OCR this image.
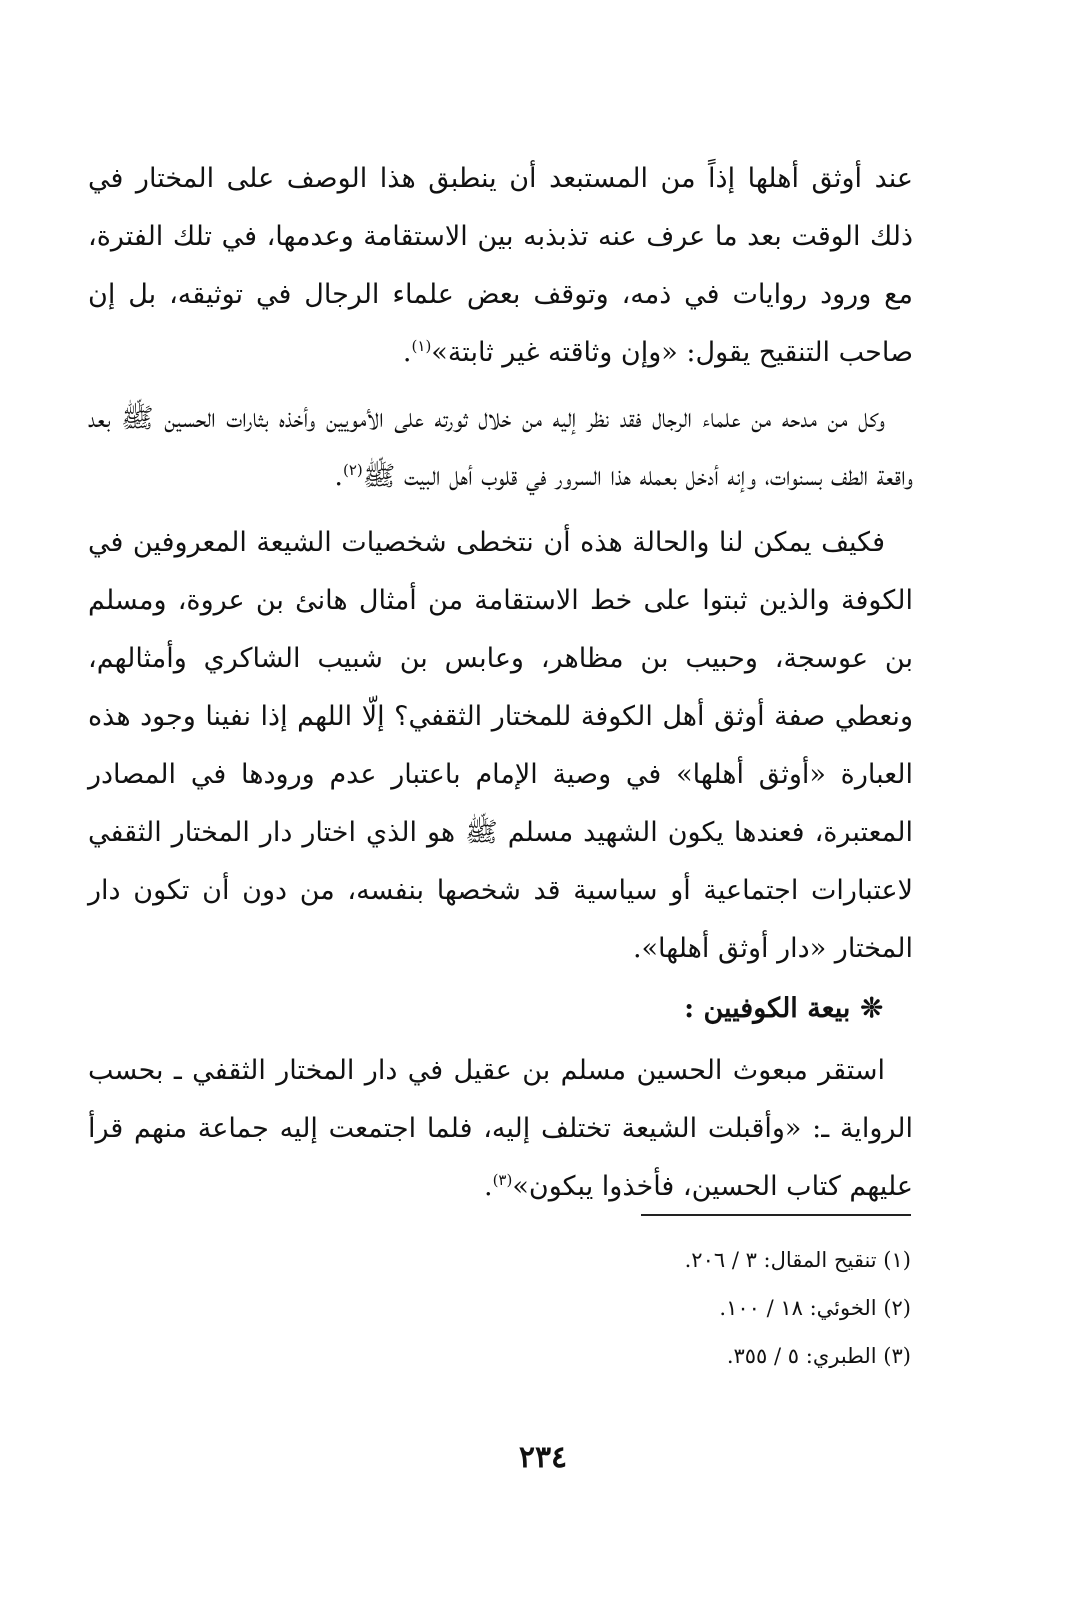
عند أوثق أهلها إذاً من المستبعد أن ينطبق هذا الوصف على المختار في ذلك الوقت بعد ما عرف عنه تذبذبه بين الاستقامة وعدمها، في تلك الفترة، مع ورود روايات في ذمه، وتوقف بعض علماء الرجال في توثيقه، بل إن صاحب التنقيح يقول: «وإن وثاقته غير ثابتة»$^{(١)}$.

وكل من مدحه من علماء الرجال فقد نظر إليه من خلال ثورته على الأمويين وأخذه بثارات الحسين ﷺ بعد واقعة الطف بسنوات، وإنه أدخل بعمله هذا السرور في قلوب أهل البيت ﷺ$^{(٢)}$.

فكيف يمكن لنا والحالة هذه أن نتخطى شخصيات الشيعة المعروفين في الكوفة والذين ثبتوا على خط الاستقامة من أمثال هانئ بن عروة، ومسلم بن عوسجة، وحبيب بن مظاهر، وعابس بن شبيب الشاكري وأمثالهم، ونعطي صفة أوثق أهل الكوفة للمختار الثقفي؟ إلّا اللهم إذا نفينا وجود هذه العبارة «أوثق أهلها» في وصية الإمام باعتبار عدم ورودها في المصادر المعتبرة، فعندها يكون الشهيد مسلم ﷺ هو الذي اختار دار المختار الثقفي لاعتبارات اجتماعية أو سياسية قد شخصها بنفسه، من دون أن تكون دار المختار «دار أوثق أهلها».

❊بيعة الكوفيين :

استقر مبعوث الحسين مسلم بن عقيل في دار المختار الثقفي ـ بحسب الرواية ـ: «وأقبلت الشيعة تختلف إليه، فلما اجتمعت إليه جماعة منهم قرأ عليهم كتاب الحسين، فأخذوا يبكون»$^{(٣)}$.

(١) تنقيح المقال: ٣ / ٢٠٦.
(٢) الخوئي: ١٨ / ١٠٠.
(٣) الطبري: ٥ / ٣٥٥.
٢٣٤
